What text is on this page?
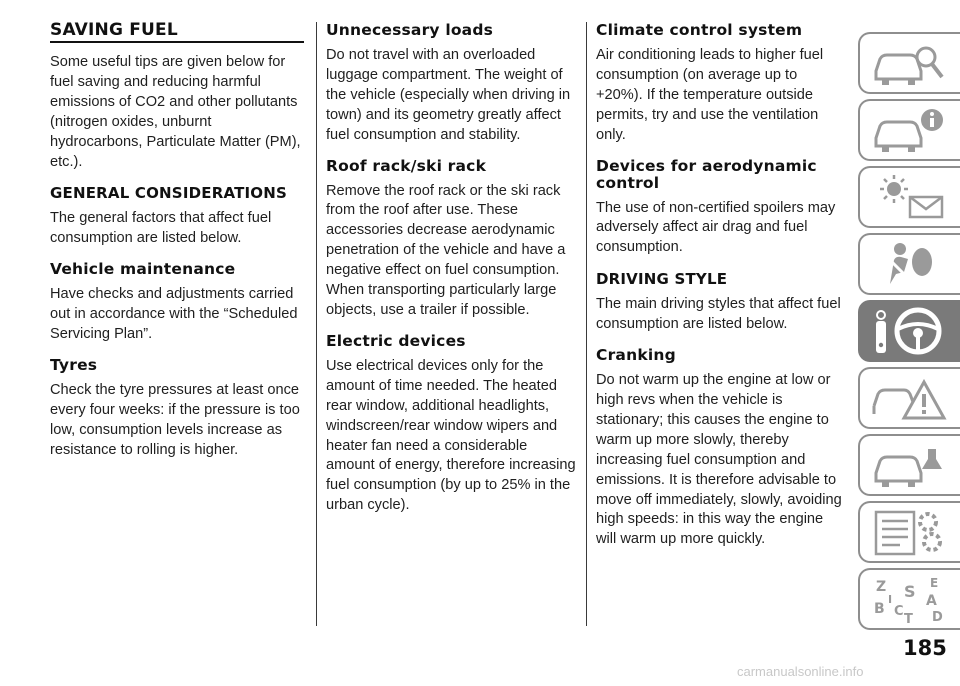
SAVING FUEL

Some useful tips are given below for fuel saving and reducing harmful emissions of CO2 and other pollutants (nitrogen oxides, unburnt hydrocarbons, Particulate Matter (PM), etc.).

GENERAL CONSIDERATIONS

The general factors that affect fuel consumption are listed below.

Vehicle maintenance

Have checks and adjustments carried out in accordance with the “Scheduled Servicing Plan”.

Tyres

Check the tyre pressures at least once every four weeks: if the pressure is too low, consumption levels increase as resistance to rolling is higher.

Unnecessary loads

Do not travel with an overloaded luggage compartment. The weight of the vehicle (especially when driving in town) and its geometry greatly affect fuel consumption and stability.

Roof rack/ski rack

Remove the roof rack or the ski rack from the roof after use. These accessories decrease aerodynamic penetration of the vehicle and have a negative effect on fuel consumption. When transporting particularly large objects, use a trailer if possible.

Electric devices

Use electrical devices only for the amount of time needed. The heated rear window, additional headlights, windscreen/rear window wipers and heater fan need a considerable amount of energy, therefore increasing fuel consumption (by up to 25% in the urban cycle).

Climate control system

Air conditioning leads to higher fuel consumption (on average up to +20%). If the temperature outside permits, try and use the ventilation only.

Devices for aerodynamic control

The use of non-certified spoilers may adversely affect air drag and fuel consumption.

DRIVING STYLE

The main driving styles that affect fuel consumption are listed below.

Cranking

Do not warm up the engine at low or high revs when the vehicle is stationary; this causes the engine to warm up more slowly, thereby increasing fuel consumption and emissions. It is therefore advisable to move off immediately, slowly, avoiding high speeds: in this way the engine will warm up more quickly.

Z	E
S A
B C
T D
I
185
carmanualsonline.info
